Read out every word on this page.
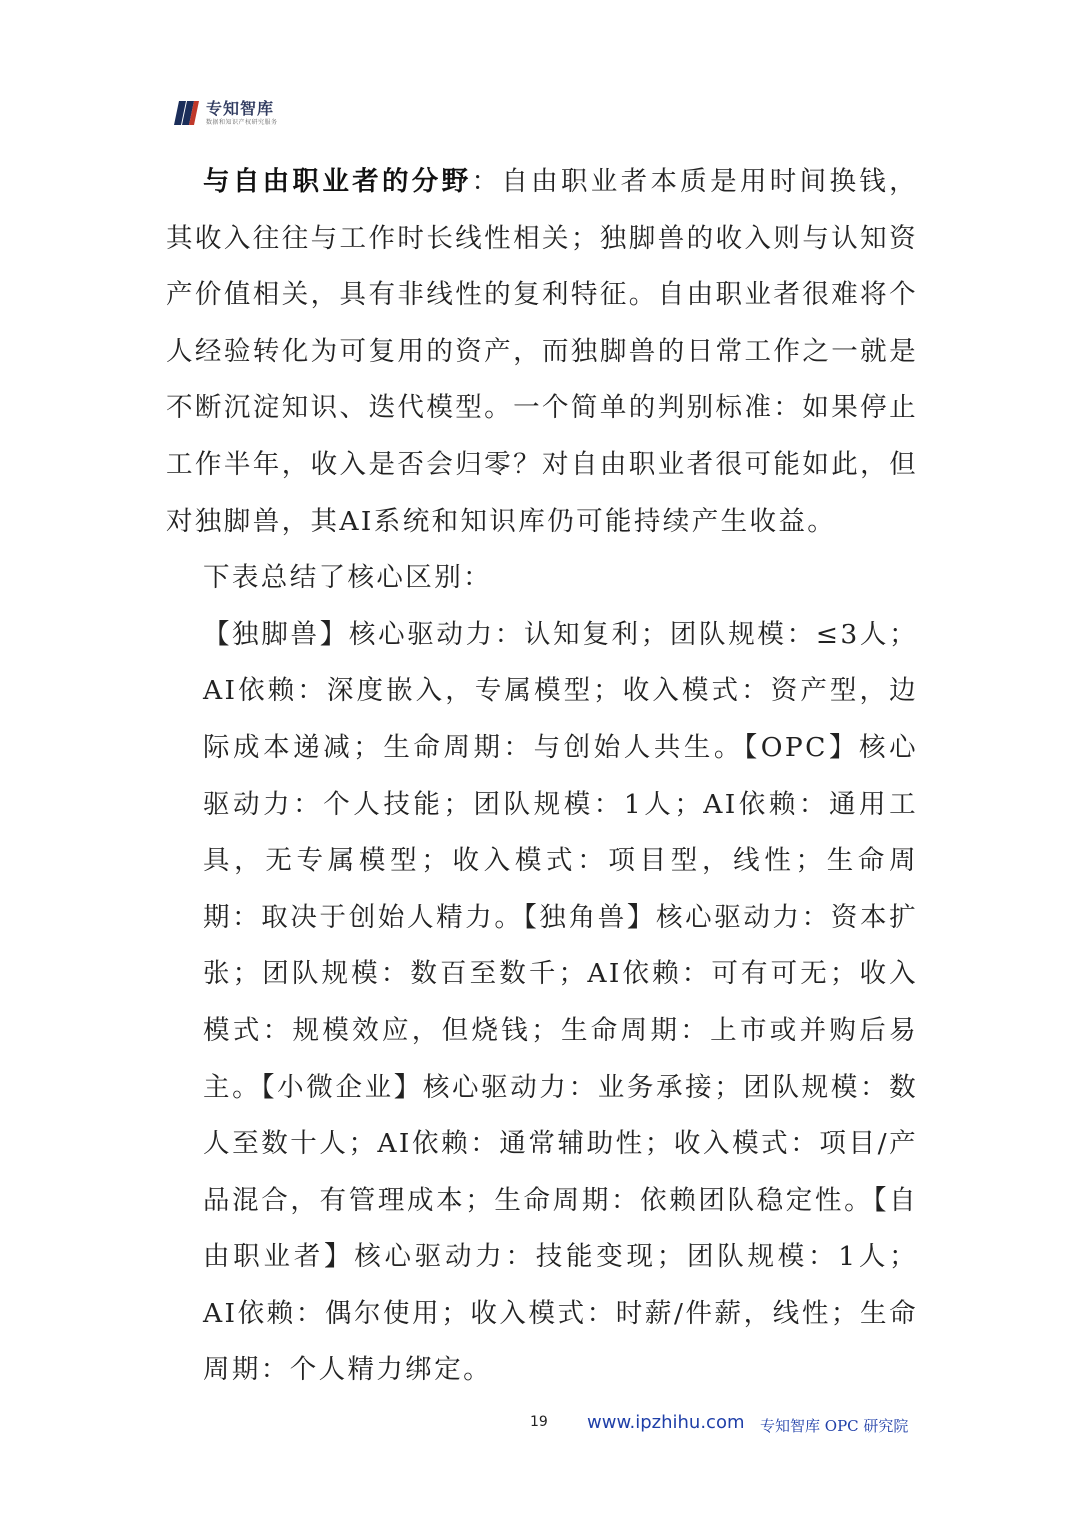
专知智库
数据和知识产权研究服务

与自由职业者的分野：自由职业者本质是用时间换钱，其收入往往与工作时长线性相关；独脚兽的收入则与认知资产价值相关，具有非线性的复利特征。自由职业者很难将个人经验转化为可复用的资产，而独脚兽的日常工作之一就是不断沉淀知识、迭代模型。一个简单的判别标准：如果停止工作半年，收入是否会归零？对自由职业者很可能如此，但对独脚兽，其AI系统和知识库仍可能持续产生收益。

下表总结了核心区别：

【独脚兽】核心驱动力：认知复利；团队规模：≤3人；AI依赖：深度嵌入，专属模型；收入模式：资产型，边际成本递减；生命周期：与创始人共生。【OPC】核心驱动力：个人技能；团队规模：1人；AI依赖：通用工具，无专属模型；收入模式：项目型，线性；生命周期：取决于创始人精力。【独角兽】核心驱动力：资本扩张；团队规模：数百至数千；AI依赖：可有可无；收入模式：规模效应，但烧钱；生命周期：上市或并购后易主。【小微企业】核心驱动力：业务承接；团队规模：数人至数十人；AI依赖：通常辅助性；收入模式：项目/产品混合，有管理成本；生命周期：依赖团队稳定性。【自由职业者】核心驱动力：技能变现；团队规模：1人；AI依赖：偶尔使用；收入模式：时薪/件薪，线性；生命周期：个人精力绑定。

19 www.ipzhihu.com 专知智库 OPC 研究院
